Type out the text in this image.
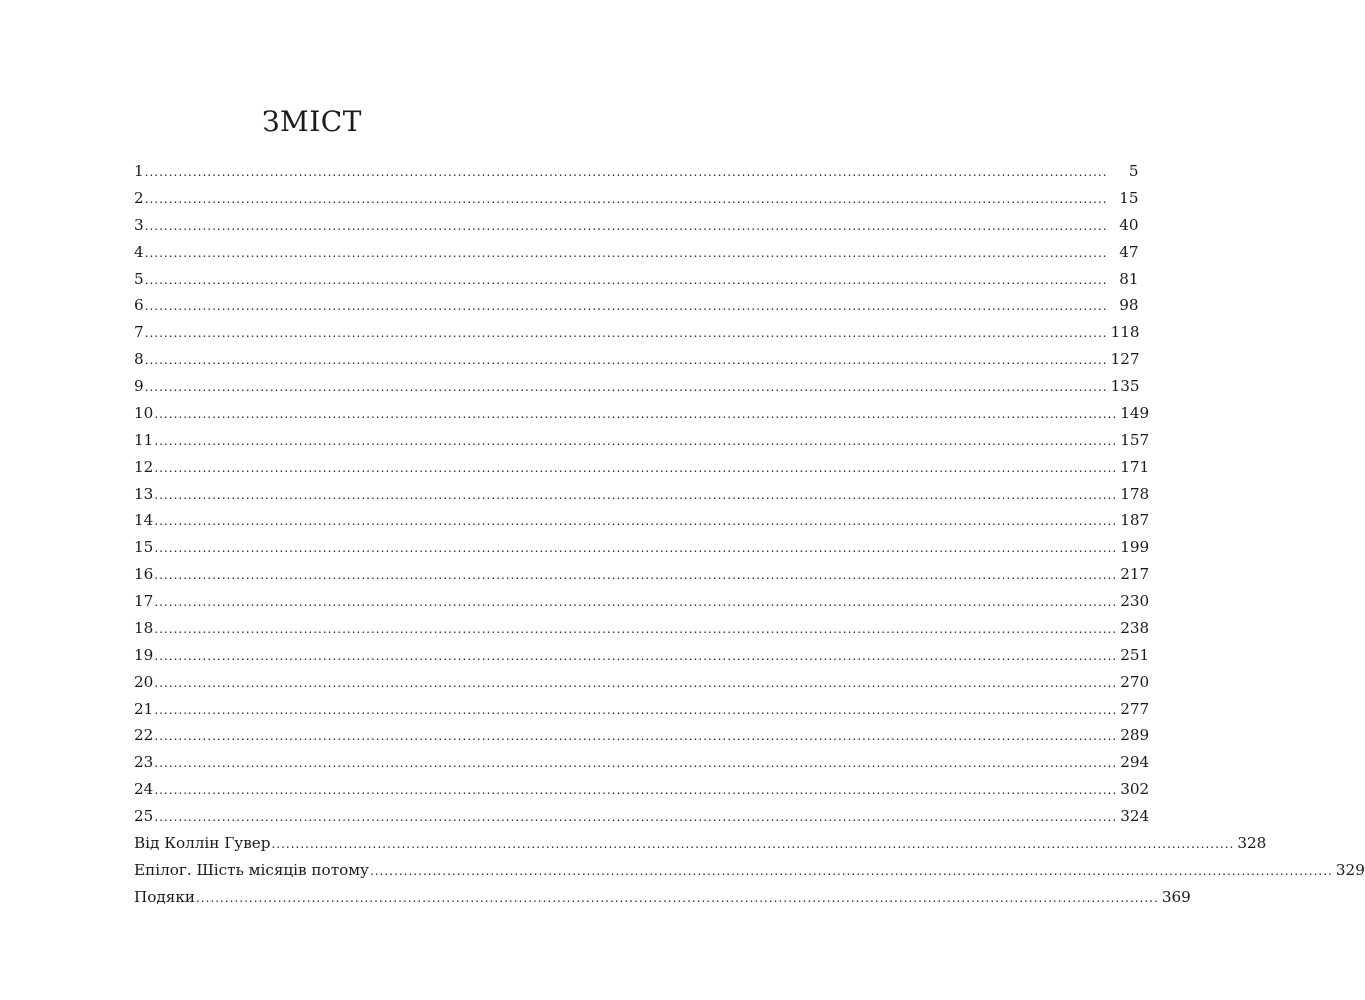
ЗМІСТ
1 ........................................................................................................................................................................................................	5
2 ........................................................................................................................................................................................................ 15
3 ........................................................................................................................................................................................................ 40
4 ........................................................................................................................................................................................................ 47
5 ........................................................................................................................................................................................................ 81
6 ........................................................................................................................................................................................................ 98
7 ........................................................................................................................................................................................................ 118
8 ........................................................................................................................................................................................................ 127
9 ........................................................................................................................................................................................................ 135
10 ........................................................................................................................................................................................................ 149
11 ........................................................................................................................................................................................................ 157
12 ........................................................................................................................................................................................................ 171
13 ........................................................................................................................................................................................................ 178
14 ........................................................................................................................................................................................................ 187
15 ........................................................................................................................................................................................................ 199
16 ........................................................................................................................................................................................................ 217
17 ........................................................................................................................................................................................................ 230
18 ........................................................................................................................................................................................................ 238
19 ........................................................................................................................................................................................................ 251
20 ........................................................................................................................................................................................................ 270
21 ........................................................................................................................................................................................................ 277
22 ........................................................................................................................................................................................................ 289
23 ........................................................................................................................................................................................................ 294
24 ........................................................................................................................................................................................................ 302
25 ........................................................................................................................................................................................................ 324
Від Коллін Гувер ........................................................................................................................................................................................................ 328
Епілог. Шість місяців потому ........................................................................................................................................................................................................ 329
Подяки ........................................................................................................................................................................................................ 369
